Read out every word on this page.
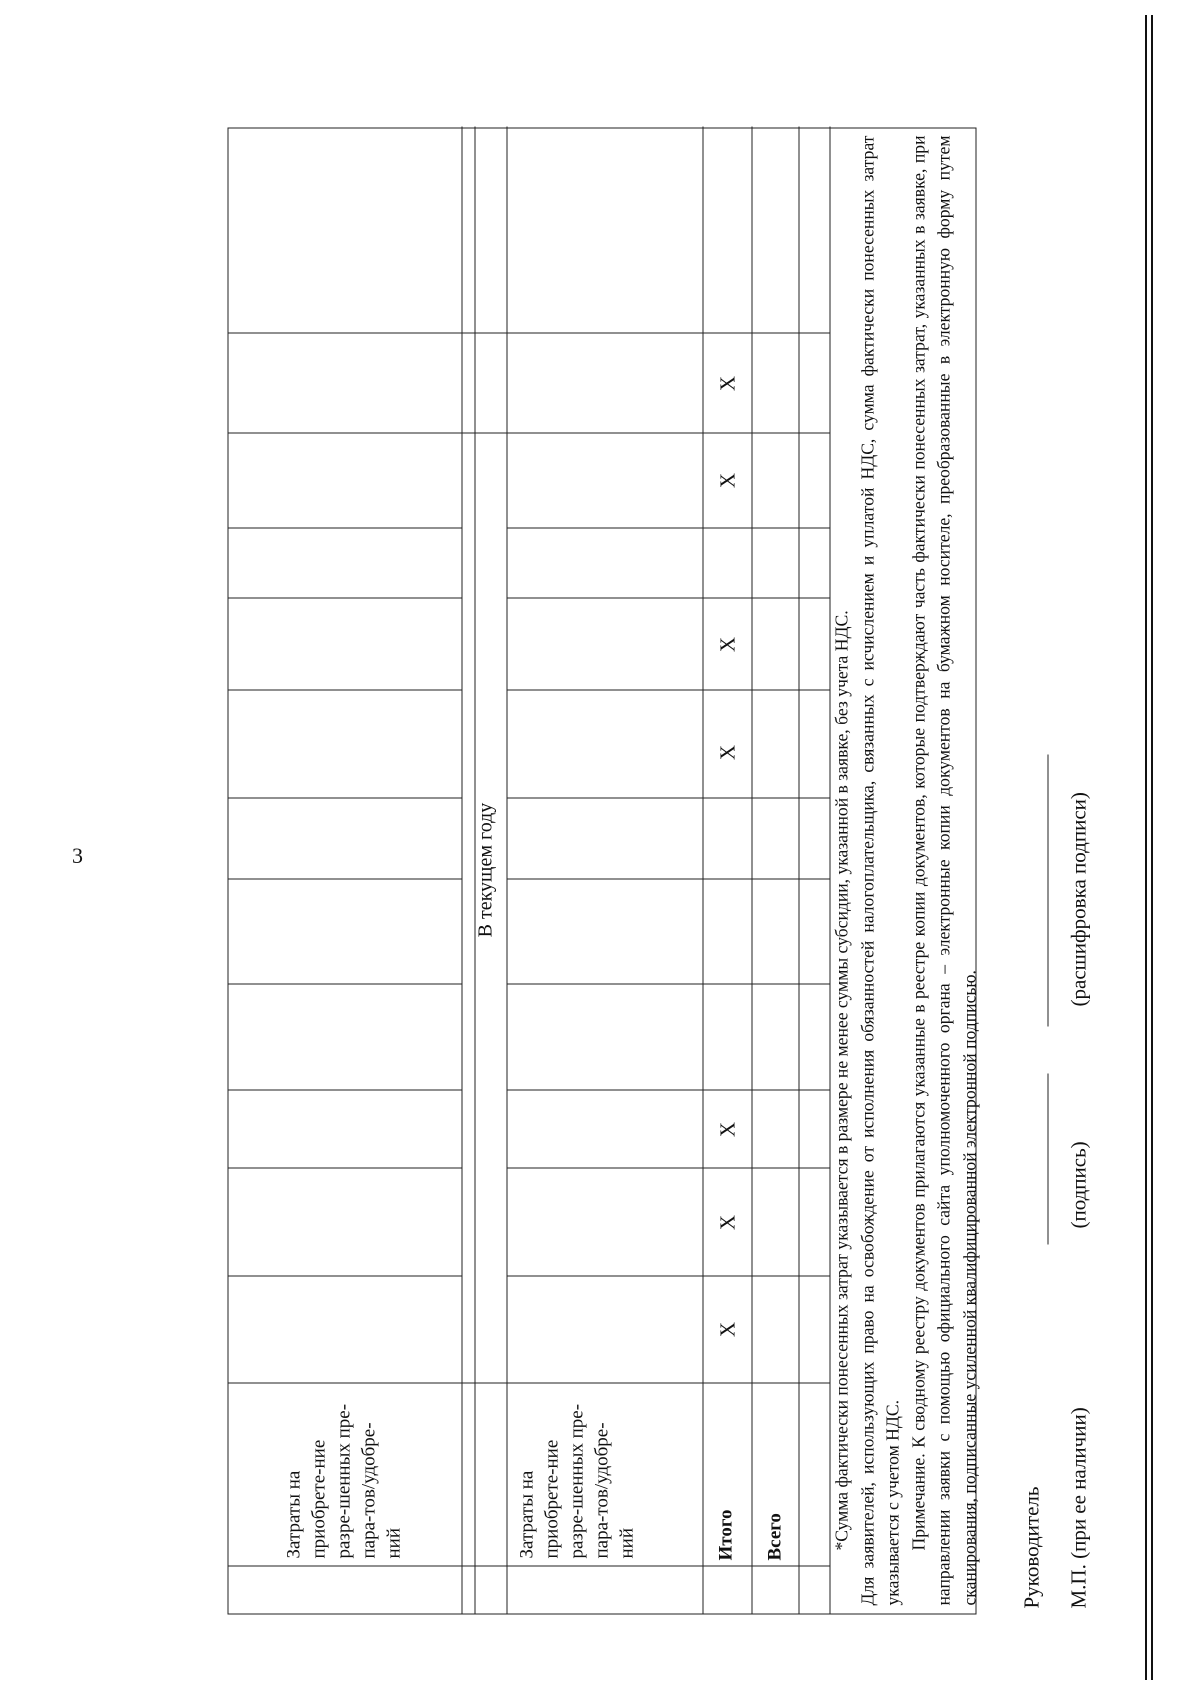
3
Затраты на приобрете-ние разре-шенных пре-пара-тов/удобре-ний
В текущем году
Затраты на приобрете-ние разре-шенных пре-пара-тов/удобре-ний	Итого
X
X
X
X
X
X
X
Всего	*Сумма фактически понесенных затрат указывается в размере не менее суммы субсидии, указанной в заявке, без учета НДС. Для заявителей, использующих право на освобождение от исполнения обязанностей налогоплательщика, связанных с исчислением и уплатой НДС, сумма фактически понесенных затрат указывается с учетом НДС. Примечание. К сводному реестру документов прилагаются указанные в реестре копии документов, которые подтверждают часть фактически понесенных затрат, указанных в заявке, при направлении заявки с помощью официального сайта уполномоченного органа – электронные копии документов на бумажном носителе, преобразованные в электронную форму путем сканирования, подписанные усиленной квалифицированной электронной подписью. Руководитель М.П. (при ее наличии)
(подпись)
(расшифровка подписи)
